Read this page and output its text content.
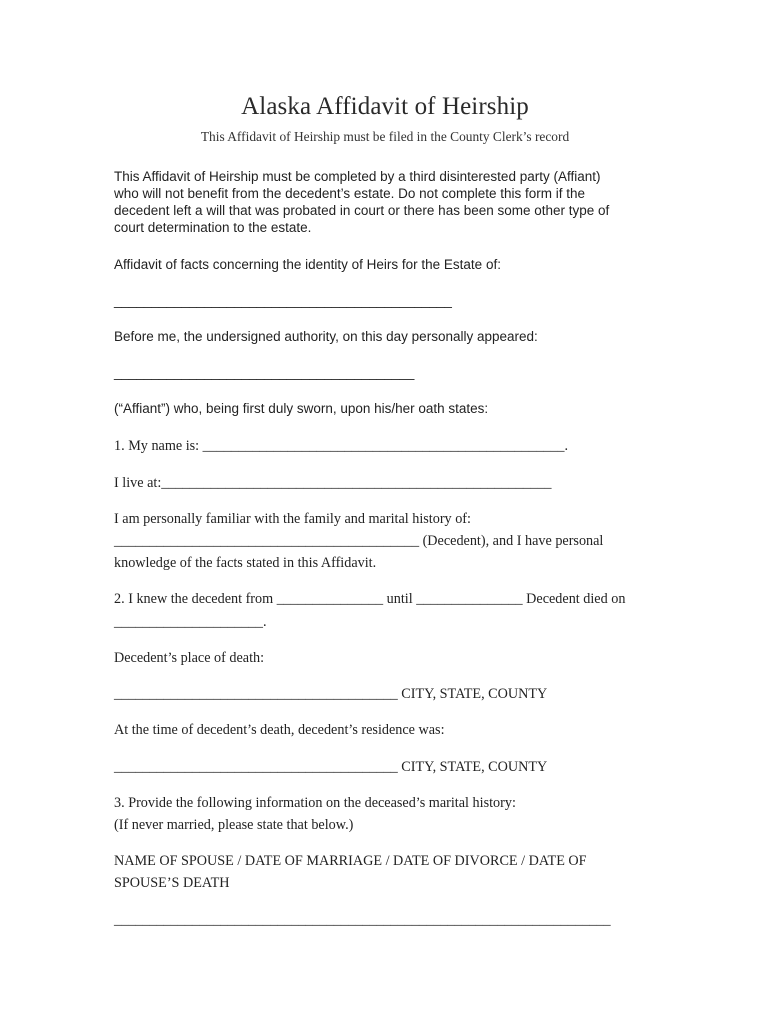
Alaska Affidavit of Heirship
This Affidavit of Heirship must be filed in the County Clerk’s record

This Affidavit of Heirship must be completed by a third disinterested party (Affiant)

who will not benefit from the decedent’s estate. Do not complete this form if the

decedent left a will that was probated in court or there has been some other type of

court determination to the estate.

Affidavit of facts concerning the identity of Heirs for the Estate of:

_____________________________________________

Before me, the undersigned authority, on this day personally appeared:

________________________________________

(“Affiant”) who, being first duly sworn, upon his/her oath states:

1. My name is: ___________________________________________________.

I live at:_______________________________________________________

I am personally familiar with the family and marital history of:

___________________________________________ (Decedent), and I have personal

knowledge of the facts stated in this Affidavit.

2. I knew the decedent from _______________ until _______________ Decedent died on

_____________________.

Decedent’s place of death:

________________________________________ CITY, STATE, COUNTY

At the time of decedent’s death, decedent’s residence was:

________________________________________ CITY, STATE, COUNTY

3. Provide the following information on the deceased’s marital history:

(If never married, please state that below.)

NAME OF SPOUSE / DATE OF MARRIAGE / DATE OF DIVORCE / DATE OF

SPOUSE’S DEATH

______________________________________________________________________
